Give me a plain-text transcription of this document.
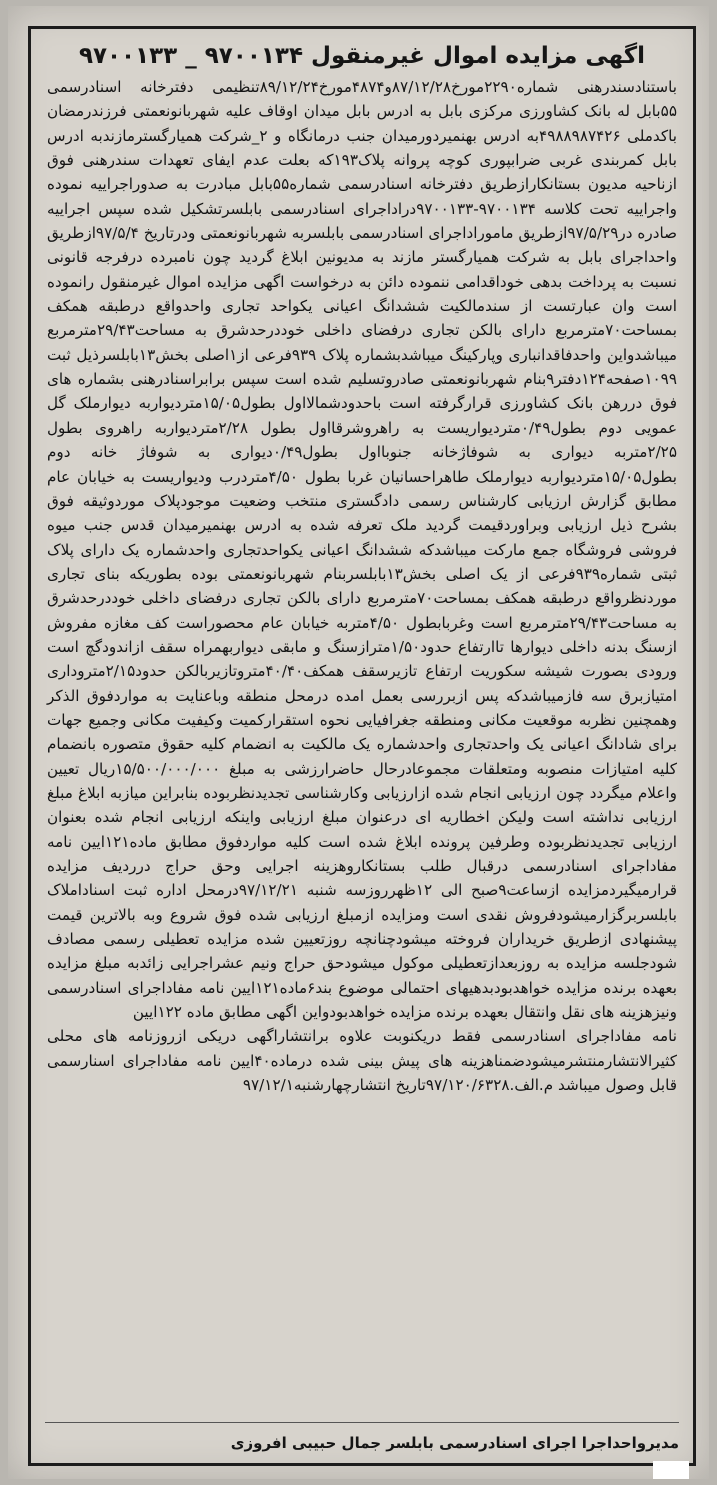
اگهی مزایده اموال غیرمنقول ۹۷۰۰۱۳۴ _ ۹۷۰۰۱۳۳

باستنادسندرهنی شماره۲۲۹۰مورخ۸۷/۱۲/۲۸و۴۸۷۴مورخ۸۹/۱۲/۲۴تنظیمی دفترخانه اسنادرسمی ۵۵بابل له بانک کشاورزی مرکزی بابل به ادرس بابل میدان اوقاف علیه شهربانونعمتی فرزندرمضان باکدملی ۴۹۸۸۹۸۷۴۲۶به ادرس بهنمیردورمیدان جنب درمانگاه و ۲_شرکت همیارگسترمازندبه ادرس بابل کمربندی غربی ضرابپوری کوچه پروانه پلاک۱۹۳که بعلت عدم ایفای تعهدات سندرهنی فوق ازناحیه مدیون بستانکارازطریق دفترخانه اسنادرسمی شماره۵۵بابل مبادرت به صدوراجراییه نموده واجراییه تحت کلاسه ۹۷۰۰۱۳۴-۹۷۰۰۱۳۳دراداجرای اسنادرسمی بابلسرتشکیل شده سپس اجراییه صادره در۹۷/۵/۲۹ازطریق ماموراداجرای اسنادرسمی بابلسربه شهربانونعمتی ودرتاریخ ۹۷/۵/۴ازطریق واحداجرای بابل به شرکت همیارگستر مازند به مدیونین ابلاغ گردید چون نامبرده درفرجه قانونی نسبت به پرداخت بدهی خوداقدامی ننموده دائن به درخواست اگهی مزایده اموال غیرمنقول رانموده است وان عبارتست از سندمالکیت ششدانگ اعیانی یکواحد تجاری واحدواقع درطبقه همکف بمساحت۷۰مترمربع دارای بالکن تجاری درفضای داخلی خوددرحدشرق به مساحت۲۹/۴۳مترمربع میباشدواین واحدفاقدانباری وپارکینگ میباشدبشماره پلاک ۹۳۹فرعی از۱اصلی بخش۱۳بابلسرذیل ثبت ۱۰۹۹صفحه۱۲۴دفتر۹بنام شهربانونعمتی صادروتسلیم شده است سپس برابراسنادرهنی بشماره های فوق دررهن بانک کشاورزی قرارگرفته است باحدودشمالااول بطول۱۵/۰۵متردیواربه دیوارملک گل عمویی دوم بطول۰/۴۹متردیواریست به راهروشرقااول بطول ۲/۲۸متردیواربه راهروی بطول ۲/۲۵متربه دیواری به شوفاژخانه جنوبااول بطول۰/۴۹دیواری به شوفاژ خانه دوم بطول۱۵/۰۵متردیواربه دیوارملک طاهراحسانیان غربا بطول ۴/۵۰متردرب ودیواریست به خیابان عام مطابق گزارش ارزیابی کارشناس رسمی دادگستری منتخب وضعیت موجودپلاک موردوثیقه فوق بشرح ذیل ارزیابی وبراوردقیمت گردید ملک تعرفه شده به ادرس بهنمیرمیدان قدس جنب میوه فروشی فروشگاه جمع مارکت میباشدکه ششدانگ اعیانی یکواحدتجاری واحدشماره یک دارای پلاک ثبتی شماره۹۳۹فرعی از یک اصلی بخش۱۳بابلسربنام شهربانونعمتی بوده بطوریکه بنای تجاری موردنظرواقع درطبقه همکف بمساحت۷۰مترمربع دارای بالکن تجاری درفضای داخلی خوددرحدشرق به مساحت۲۹/۴۳مترمربع است وغربابطول ۴/۵۰متربه خیابان عام محصوراست کف مغازه مفروش ازسنگ بدنه داخلی دیوارها تاارتفاع حدود۱/۵۰مترازسنگ و مابقی دیواربهمراه سقف ازاندودگچ است ورودی بصورت شیشه سکوریت ارتفاع تازیرسقف همکف۴۰/۴۰متروتازیربالکن حدود۲/۱۵متروداری امتیازبرق سه فازمیباشدکه پس ازبررسی بعمل امده درمحل منطقه وباعنایت به مواردفوق الذکر وهمچنین نظربه موقعیت مکانی ومنطقه جغرافیایی نحوه استقرارکمیت وکیفیت مکانی وجمیع جهات برای شادانگ اعیانی یک واحدتجاری واحدشماره یک مالکیت به انضمام کلیه حقوق متصوره بانضمام کلیه امتیازات منصوبه ومتعلقات مجموعادرحال حاضرارزشی به مبلغ ۱۵/۵۰۰/۰۰۰/۰۰۰ریال تعیین واعلام میگردد چون ارزیابی انجام شده ازارزیابی وکارشناسی تجدیدنظربوده بنابراین میازبه ابلاغ مبلغ ارزیابی نداشته است ولیکن اخطاریه ای درعنوان مبلغ ارزیابی واینکه ارزیابی انجام شده بعنوان ارزیابی تجدیدنظربوده وطرفین پرونده ابلاغ شده است کلیه مواردفوق مطابق ماده۱۲۱ایین نامه مفاداجرای اسنادرسمی درقبال طلب بستانکاروهزینه اجرایی وحق حراج درردیف مزایده قرارمیگیردمزایده ازساعت۹صبح الی ۱۲ظهرروزسه شنبه ۹۷/۱۲/۲۱درمحل اداره ثبت اسناداملاک بابلسربرگزارمیشودفروش نقدی است ومزایده ازمبلغ ارزیابی شده فوق شروع وبه بالاترین قیمت پیشنهادی ازطریق خریداران فروخته میشودچنانچه روزتعیین شده مزایده تعطیلی رسمی مصادف شودجلسه مزایده به روزبعدازتعطیلی موکول میشودحق حراج ونیم عشراجرایی زائدبه مبلغ مزایده بعهده برنده مزایده خواهدبودبدهیهای احتمالی موضوع بند۶ماده۱۲۱ایین نامه مفاداجرای اسنادرسمی ونیزهزینه های نقل وانتقال بعهده برنده مزایده خواهدبودواین اگهی مطابق ماده ۱۲۲ایین

نامه مفاداجرای اسنادرسمی فقط دریکنوبت علاوه برانتشاراگهی دریکی ازروزنامه های محلی کثیرالانتشارمنتشرمیشودضمناهزینه های پیش بینی شده درماده۴۰ایین نامه مفاداجرای اسنارسمی قابل وصول میباشد م.الف.۹۷/۱۲۰/۶۳۲۸تاریخ انتشارچهارشنبه۹۷/۱۲/۱

مدیرواحداجرا اجرای اسنادرسمی بابلسر جمال حبیبی افروزی
